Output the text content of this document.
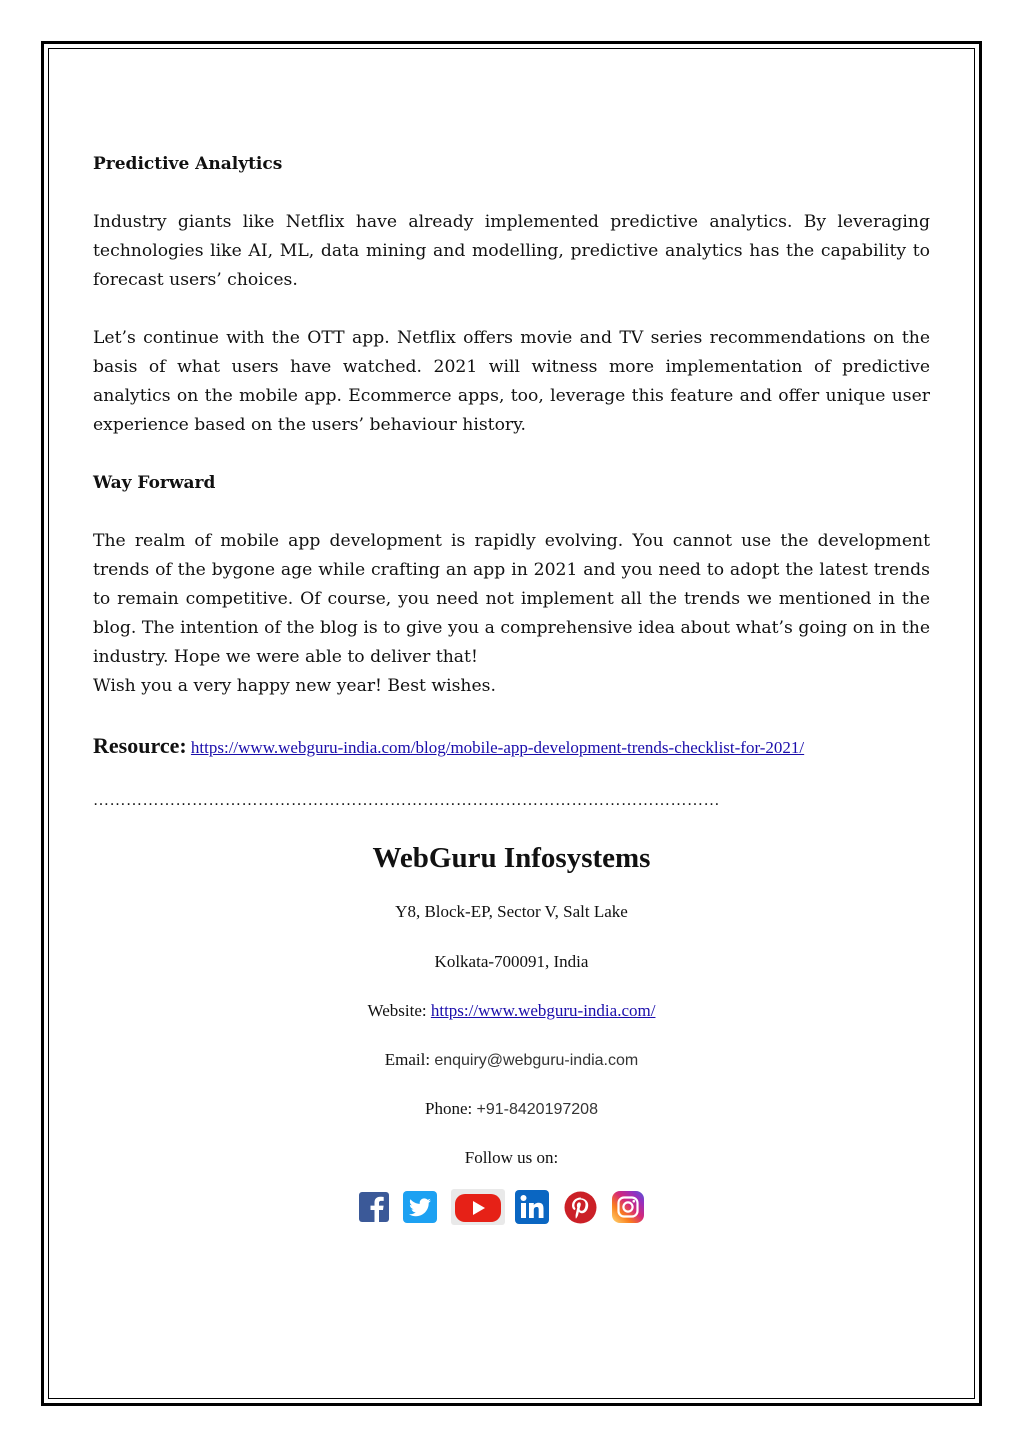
Predictive Analytics

Industry giants like Netflix have already implemented predictive analytics. By leveraging technologies like AI, ML, data mining and modelling, predictive analytics has the capability to forecast users’ choices.

Let’s continue with the OTT app. Netflix offers movie and TV series recommendations on the basis of what users have watched. 2021 will witness more implementation of predictive analytics on the mobile app. Ecommerce apps, too, leverage this feature and offer unique user experience based on the users’ behaviour history.

Way Forward

The realm of mobile app development is rapidly evolving. You cannot use the development trends of the bygone age while crafting an app in 2021 and you need to adopt the latest trends to remain competitive. Of course, you need not implement all the trends we mentioned in the blog. The intention of the blog is to give you a comprehensive idea about what’s going on in the industry. Hope we were able to deliver that!

Wish you a very happy new year! Best wishes.

Resource: https://www.webguru-india.com/blog/mobile-app-development-trends-checklist-for-2021/
……………………………………………………………………………………………………
WebGuru Infosystems
Y8, Block-EP, Sector V, Salt Lake
Kolkata-700091, India
Website: https://www.webguru-india.com/
Email: enquiry@webguru-india.com
Phone: +91-8420197208
Follow us on:
